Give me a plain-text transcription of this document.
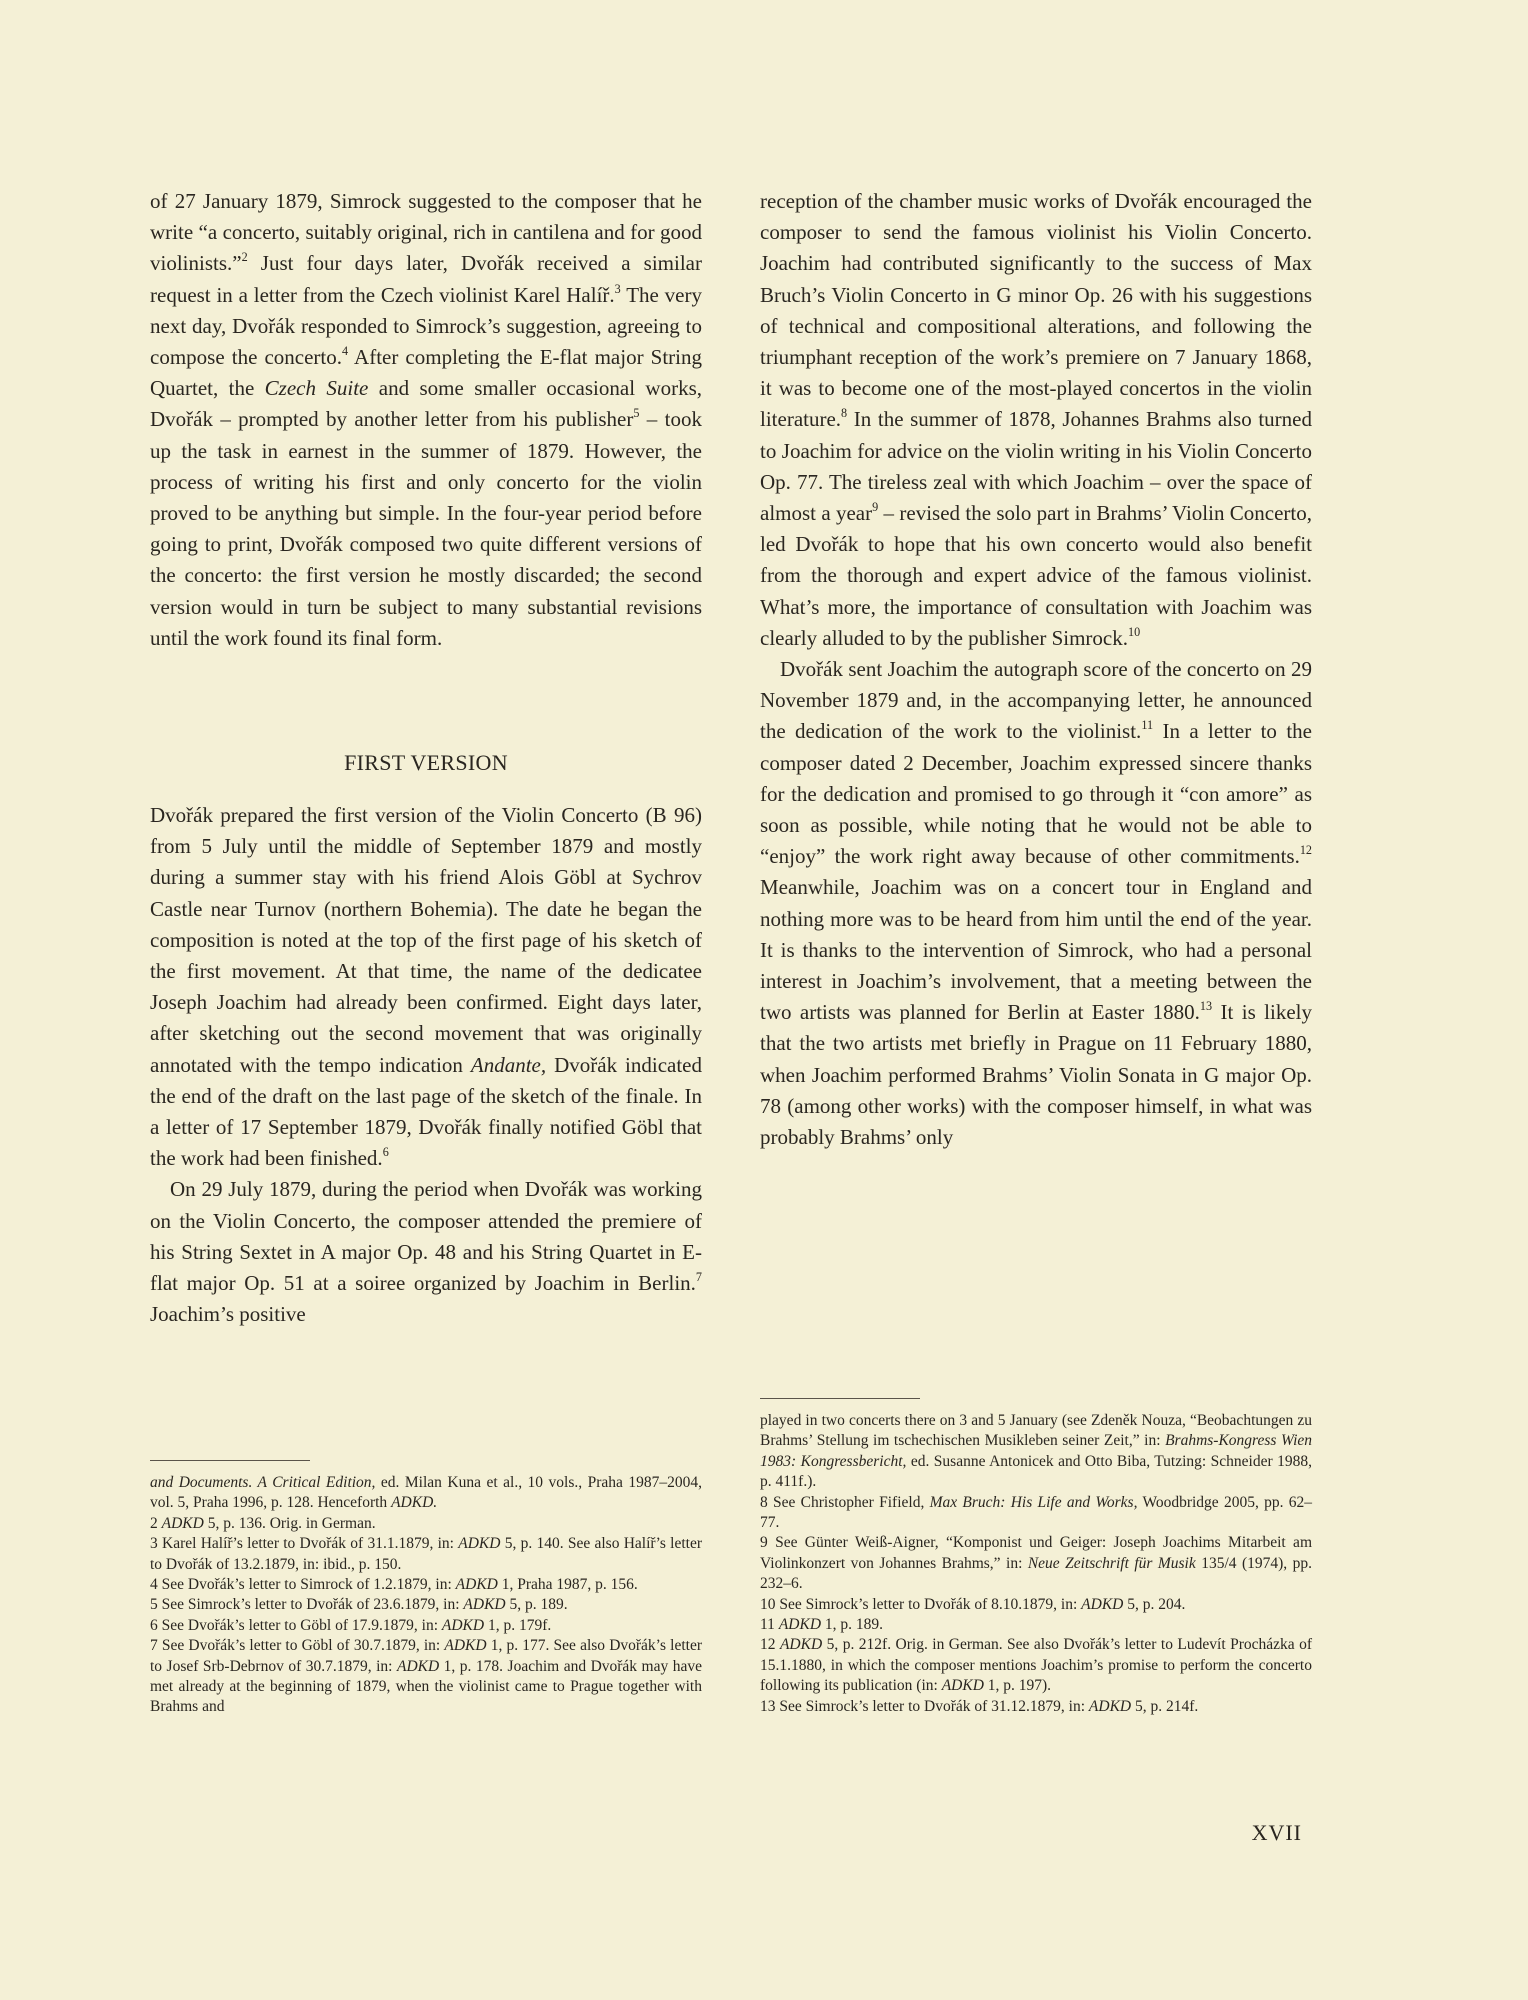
of 27 January 1879, Simrock suggested to the composer that he write “a concerto, suitably original, rich in cantilena and for good violinists.”$^2$ Just four days later, Dvořák received a similar request in a letter from the Czech violinist Karel Halíř.$^3$ The very next day, Dvořák responded to Simrock’s suggestion, agreeing to compose the concerto.$^4$ After completing the E-flat major String Quartet, the Czech Suite and some smaller occasional works, Dvořák – prompted by another letter from his publisher$^5$ – took up the task in earnest in the summer of 1879. However, the process of writing his first and only concerto for the violin proved to be anything but simple. In the four-year period before going to print, Dvořák composed two quite different versions of the concerto: the first version he mostly discarded; the second version would in turn be subject to many substantial revisions until the work found its final form.

FIRST VERSION

Dvořák prepared the first version of the Violin Concerto (B 96) from 5 July until the middle of September 1879 and mostly during a summer stay with his friend Alois Göbl at Sychrov Castle near Turnov (northern Bohemia). The date he began the composition is noted at the top of the first page of his sketch of the first movement. At that time, the name of the dedicatee Joseph Joachim had already been confirmed. Eight days later, after sketching out the second movement that was originally annotated with the tempo indication Andante, Dvořák indicated the end of the draft on the last page of the sketch of the finale. In a letter of 17 September 1879, Dvořák finally notified Göbl that the work had been finished.$^6$

On 29 July 1879, during the period when Dvořák was working on the Violin Concerto, the composer attended the premiere of his String Sextet in A major Op. 48 and his String Quartet in E-flat major Op. 51 at a soiree organized by Joachim in Berlin.$^7$ Joachim’s positive

reception of the chamber music works of Dvořák encouraged the composer to send the famous violinist his Violin Concerto. Joachim had contributed significantly to the success of Max Bruch’s Violin Concerto in G minor Op. 26 with his suggestions of technical and compositional alterations, and following the triumphant reception of the work’s premiere on 7 January 1868, it was to become one of the most-played concertos in the violin literature.$^8$ In the summer of 1878, Johannes Brahms also turned to Joachim for advice on the violin writing in his Violin Concerto Op. 77. The tireless zeal with which Joachim – over the space of almost a year$^9$ – revised the solo part in Brahms’ Violin Concerto, led Dvořák to hope that his own concerto would also benefit from the thorough and expert advice of the famous violinist. What’s more, the importance of consultation with Joachim was clearly alluded to by the publisher Simrock.$^{10}$

Dvořák sent Joachim the autograph score of the concerto on 29 November 1879 and, in the accompanying letter, he announced the dedication of the work to the violinist.$^{11}$ In a letter to the composer dated 2 December, Joachim expressed sincere thanks for the dedication and promised to go through it “con amore” as soon as possible, while noting that he would not be able to “enjoy” the work right away because of other commitments.$^{12}$ Meanwhile, Joachim was on a concert tour in England and nothing more was to be heard from him until the end of the year. It is thanks to the intervention of Simrock, who had a personal interest in Joachim’s involvement, that a meeting between the two artists was planned for Berlin at Easter 1880.13 It is likely that the two artists met briefly in Prague on 11 February 1880, when Joachim performed Brahms’ Violin Sonata in G major Op. 78 (among other works) with the composer himself, in what was probably Brahms’ only

and Documents. A Critical Edition, ed. Milan Kuna et al., 10 vols., Praha 1987–2004, vol. 5, Praha 1996, p. 128. Henceforth ADKD.

2 ADKD 5, p. 136. Orig. in German.

3 Karel Halíř’s letter to Dvořák of 31.1.1879, in: ADKD 5, p. 140. See also Halíř’s letter to Dvořák of 13.2.1879, in: ibid., p. 150.

4 See Dvořák’s letter to Simrock of 1.2.1879, in: ADKD 1, Praha 1987, p. 156.

5 See Simrock’s letter to Dvořák of 23.6.1879, in: ADKD 5, p. 189.

6 See Dvořák’s letter to Göbl of 17.9.1879, in: ADKD 1, p. 179f.

7 See Dvořák’s letter to Göbl of 30.7.1879, in: ADKD 1, p. 177. See also Dvořák’s letter to Josef Srb-Debrnov of 30.7.1879, in: ADKD 1, p. 178. Joachim and Dvořák may have met already at the beginning of 1879, when the violinist came to Prague together with Brahms and

played in two concerts there on 3 and 5 January (see Zdeněk Nouza, “Beobachtungen zu Brahms’ Stellung im tschechischen Musikleben seiner Zeit,” in: Brahms-Kongress Wien 1983: Kongressbericht, ed. Susanne Antonicek and Otto Biba, Tutzing: Schneider 1988, p. 411f.).

8 See Christopher Fifield, Max Bruch: His Life and Works, Woodbridge 2005, pp. 62–77.

9 See Günter Weiß-Aigner, “Komponist und Geiger: Joseph Joachims Mitarbeit am Violinkonzert von Johannes Brahms,” in: Neue Zeitschrift für Musik 135/4 (1974), pp. 232–6.

10 See Simrock’s letter to Dvořák of 8.10.1879, in: ADKD 5, p. 204.

11 ADKD 1, p. 189.

12 ADKD 5, p. 212f. Orig. in German. See also Dvořák’s letter to Ludevít Procházka of 15.1.1880, in which the composer mentions Joachim’s promise to perform the concerto following its publication (in: ADKD 1, p. 197).

13 See Simrock’s letter to Dvořák of 31.12.1879, in: ADKD 5, p. 214f.

XVII
